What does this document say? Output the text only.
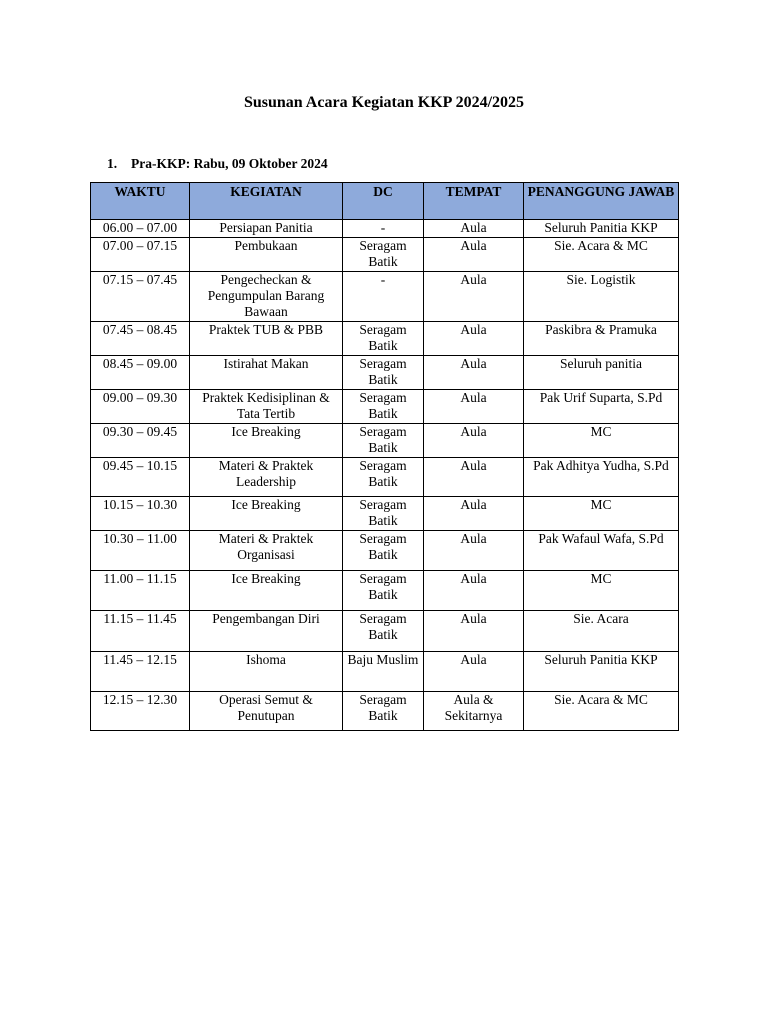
Susunan Acara Kegiatan KKP 2024/2025
1. Pra-KKP: Rabu, 09 Oktober 2024
WAKTU	KEGIATAN	DC	TEMPAT	PENANGGUNG JAWAB
06.00 – 07.00	Persiapan Panitia	-	Aula	Seluruh Panitia KKP
07.00 – 07.15	Pembukaan	Seragam Batik	Aula	Sie. Acara & MC
07.15 – 07.45	Pengecheckan & Pengumpulan Barang Bawaan	-	Aula	Sie. Logistik
07.45 – 08.45	Praktek TUB & PBB	Seragam Batik	Aula	Paskibra & Pramuka
08.45 – 09.00	Istirahat Makan	Seragam Batik	Aula	Seluruh panitia
09.00 – 09.30	Praktek Kedisiplinan & Tata Tertib	Seragam Batik	Aula	Pak Urif Suparta, S.Pd
09.30 – 09.45	Ice Breaking	Seragam Batik	Aula	MC
09.45 – 10.15	Materi & Praktek Leadership	Seragam Batik	Aula	Pak Adhitya Yudha, S.Pd
10.15 – 10.30	Ice Breaking	Seragam Batik	Aula	MC
10.30 – 11.00	Materi & Praktek Organisasi	Seragam Batik	Aula	Pak Wafaul Wafa, S.Pd
11.00 – 11.15	Ice Breaking	Seragam Batik	Aula	MC
11.15 – 11.45	Pengembangan Diri	Seragam Batik	Aula	Sie. Acara
11.45 – 12.15	Ishoma	Baju Muslim	Aula	Seluruh Panitia KKP
12.15 – 12.30	Operasi Semut & Penutupan	Seragam Batik	Aula & Sekitarnya	Sie. Acara & MC
